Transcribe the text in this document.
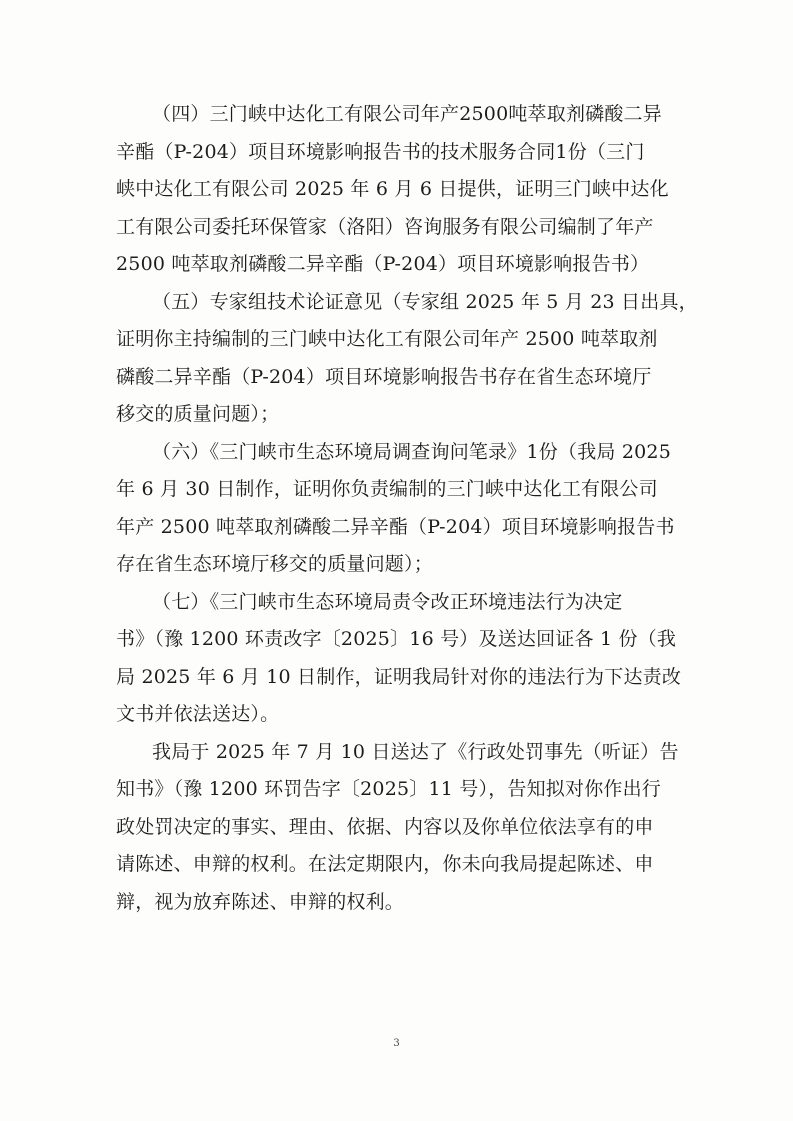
（四）三门峡中达化工有限公司年产2500吨萃取剂磷酸二异
辛酯（P-204）项目环境影响报告书的技术服务合同1份（三门
峡中达化工有限公司 2025 年 6 月 6 日提供，证明三门峡中达化
工有限公司委托环保管家（洛阳）咨询服务有限公司编制了年产
2500 吨萃取剂磷酸二异辛酯（P-204）项目环境影响报告书）

（五）专家组技术论证意见（专家组 2025 年 5 月 23 日出具，
证明你主持编制的三门峡中达化工有限公司年产 2500 吨萃取剂
磷酸二异辛酯（P-204）项目环境影响报告书存在省生态环境厅
移交的质量问题）；

（六）《三门峡市生态环境局调查询问笔录》1份（我局 2025
年 6 月 30 日制作，证明你负责编制的三门峡中达化工有限公司
年产 2500 吨萃取剂磷酸二异辛酯（P-204）项目环境影响报告书
存在省生态环境厅移交的质量问题）；

（七）《三门峡市生态环境局责令改正环境违法行为决定
书》（豫 1200 环责改字〔2025〕16 号）及送达回证各 1 份（我
局 2025 年 6 月 10 日制作，证明我局针对你的违法行为下达责改
文书并依法送达）。

我局于 2025 年 7 月 10 日送达了《行政处罚事先（听证）告
知书》（豫 1200 环罚告字〔2025〕11 号），告知拟对你作出行
政处罚决定的事实、理由、依据、内容以及你单位依法享有的申
请陈述、申辩的权利。在法定期限内，你未向我局提起陈述、申
辩，视为放弃陈述、申辩的权利。

3
